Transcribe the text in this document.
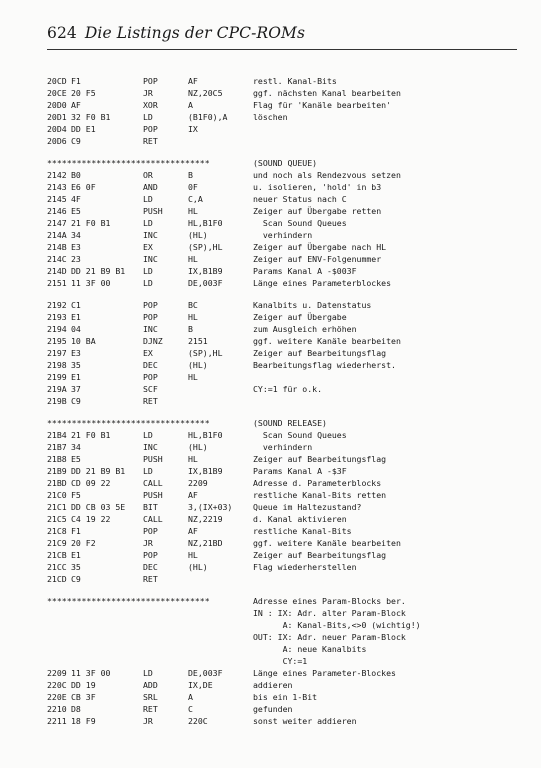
624 Die Listings der CPC-ROMs
20CD F1	POP	AF	restl. Kanal-Bits
20CE 20 F5	JR	NZ,20C5	ggf. nächsten Kanal bearbeiten
20D0 AF	XOR	A	Flag für 'Kanäle bearbeiten'
20D1 32 F0 B1	LD	(B1F0),A	löschen
20D4 DD E1	POP	IX
20D6 C9	RET
*********************************	(SOUND QUEUE)
2142 B0	OR	B	und noch als Rendezvous setzen
2143 E6 0F	AND	0F	u. isolieren, 'hold' in b3
2145 4F	LD	C,A	neuer Status nach C
2146 E5	PUSH	HL	Zeiger auf Übergabe retten
2147 21 F0 B1	LD	HL,B1F0	Scan Sound Queues
214A 34	INC	(HL)	verhindern
214B E3	EX	(SP),HL	Zeiger auf Übergabe nach HL
214C 23	INC	HL	Zeiger auf ENV-Folgenummer
214D DD 21 B9 B1 LD	IX,B1B9	Params Kanal A -$003F
2151 11 3F 00	LD	DE,003F	Länge eines Parameterblockes
2192 C1	POP	BC	Kanalbits u. Datenstatus
2193 E1	POP	HL	Zeiger auf Übergabe
2194 04	INC	B	zum Ausgleich erhöhen
2195 10 BA	DJNZ	2151	ggf. weitere Kanäle bearbeiten
2197 E3	EX	(SP),HL	Zeiger auf Bearbeitungsflag
2198 35	DEC	(HL)	Bearbeitungsflag wiederherst.
2199 E1	POP	HL
219A 37	SCF	CY:=1 für o.k.
219B C9	RET
*********************************	(SOUND RELEASE)
21B4 21 F0 B1	LD	HL,B1F0	Scan Sound Queues
21B7 34	INC	(HL)	verhindern
21B8 E5	PUSH	HL	Zeiger auf Bearbeitungsflag
21B9 DD 21 B9 B1 LD	IX,B1B9	Params Kanal A -$3F
21BD CD 09 22	CALL	2209	Adresse d. Parameterblocks
21C0 F5	PUSH	AF	restliche Kanal-Bits retten
21C1 DD CB 03 5E BIT	3,(IX+03)	Queue im Haltezustand?
21C5 C4 19 22	CALL	NZ,2219	d. Kanal aktivieren
21C8 F1	POP	AF	restliche Kanal-Bits
21C9 20 F2	JR	NZ,21BD	ggf. weitere Kanäle bearbeiten
21CB E1	POP	HL	Zeiger auf Bearbeitungsflag
21CC 35	DEC	(HL)	Flag wiederherstellen
21CD C9	RET
*********************************	Adresse eines Param-Blocks ber.
IN : IX: Adr. alter Param-Block
A: Kanal-Bits,<>0 (wichtig!)
OUT: IX: Adr. neuer Param-Block
A: neue Kanalbits
CY:=1
2209 11 3F 00	LD	DE,003F	Länge eines Parameter-Blockes
220C DD 19	ADD	IX,DE	addieren
220E CB 3F	SRL	A	bis ein 1-Bit
2210 D8	RET	C	gefunden
2211 18 F9	JR	220C	sonst weiter addieren
